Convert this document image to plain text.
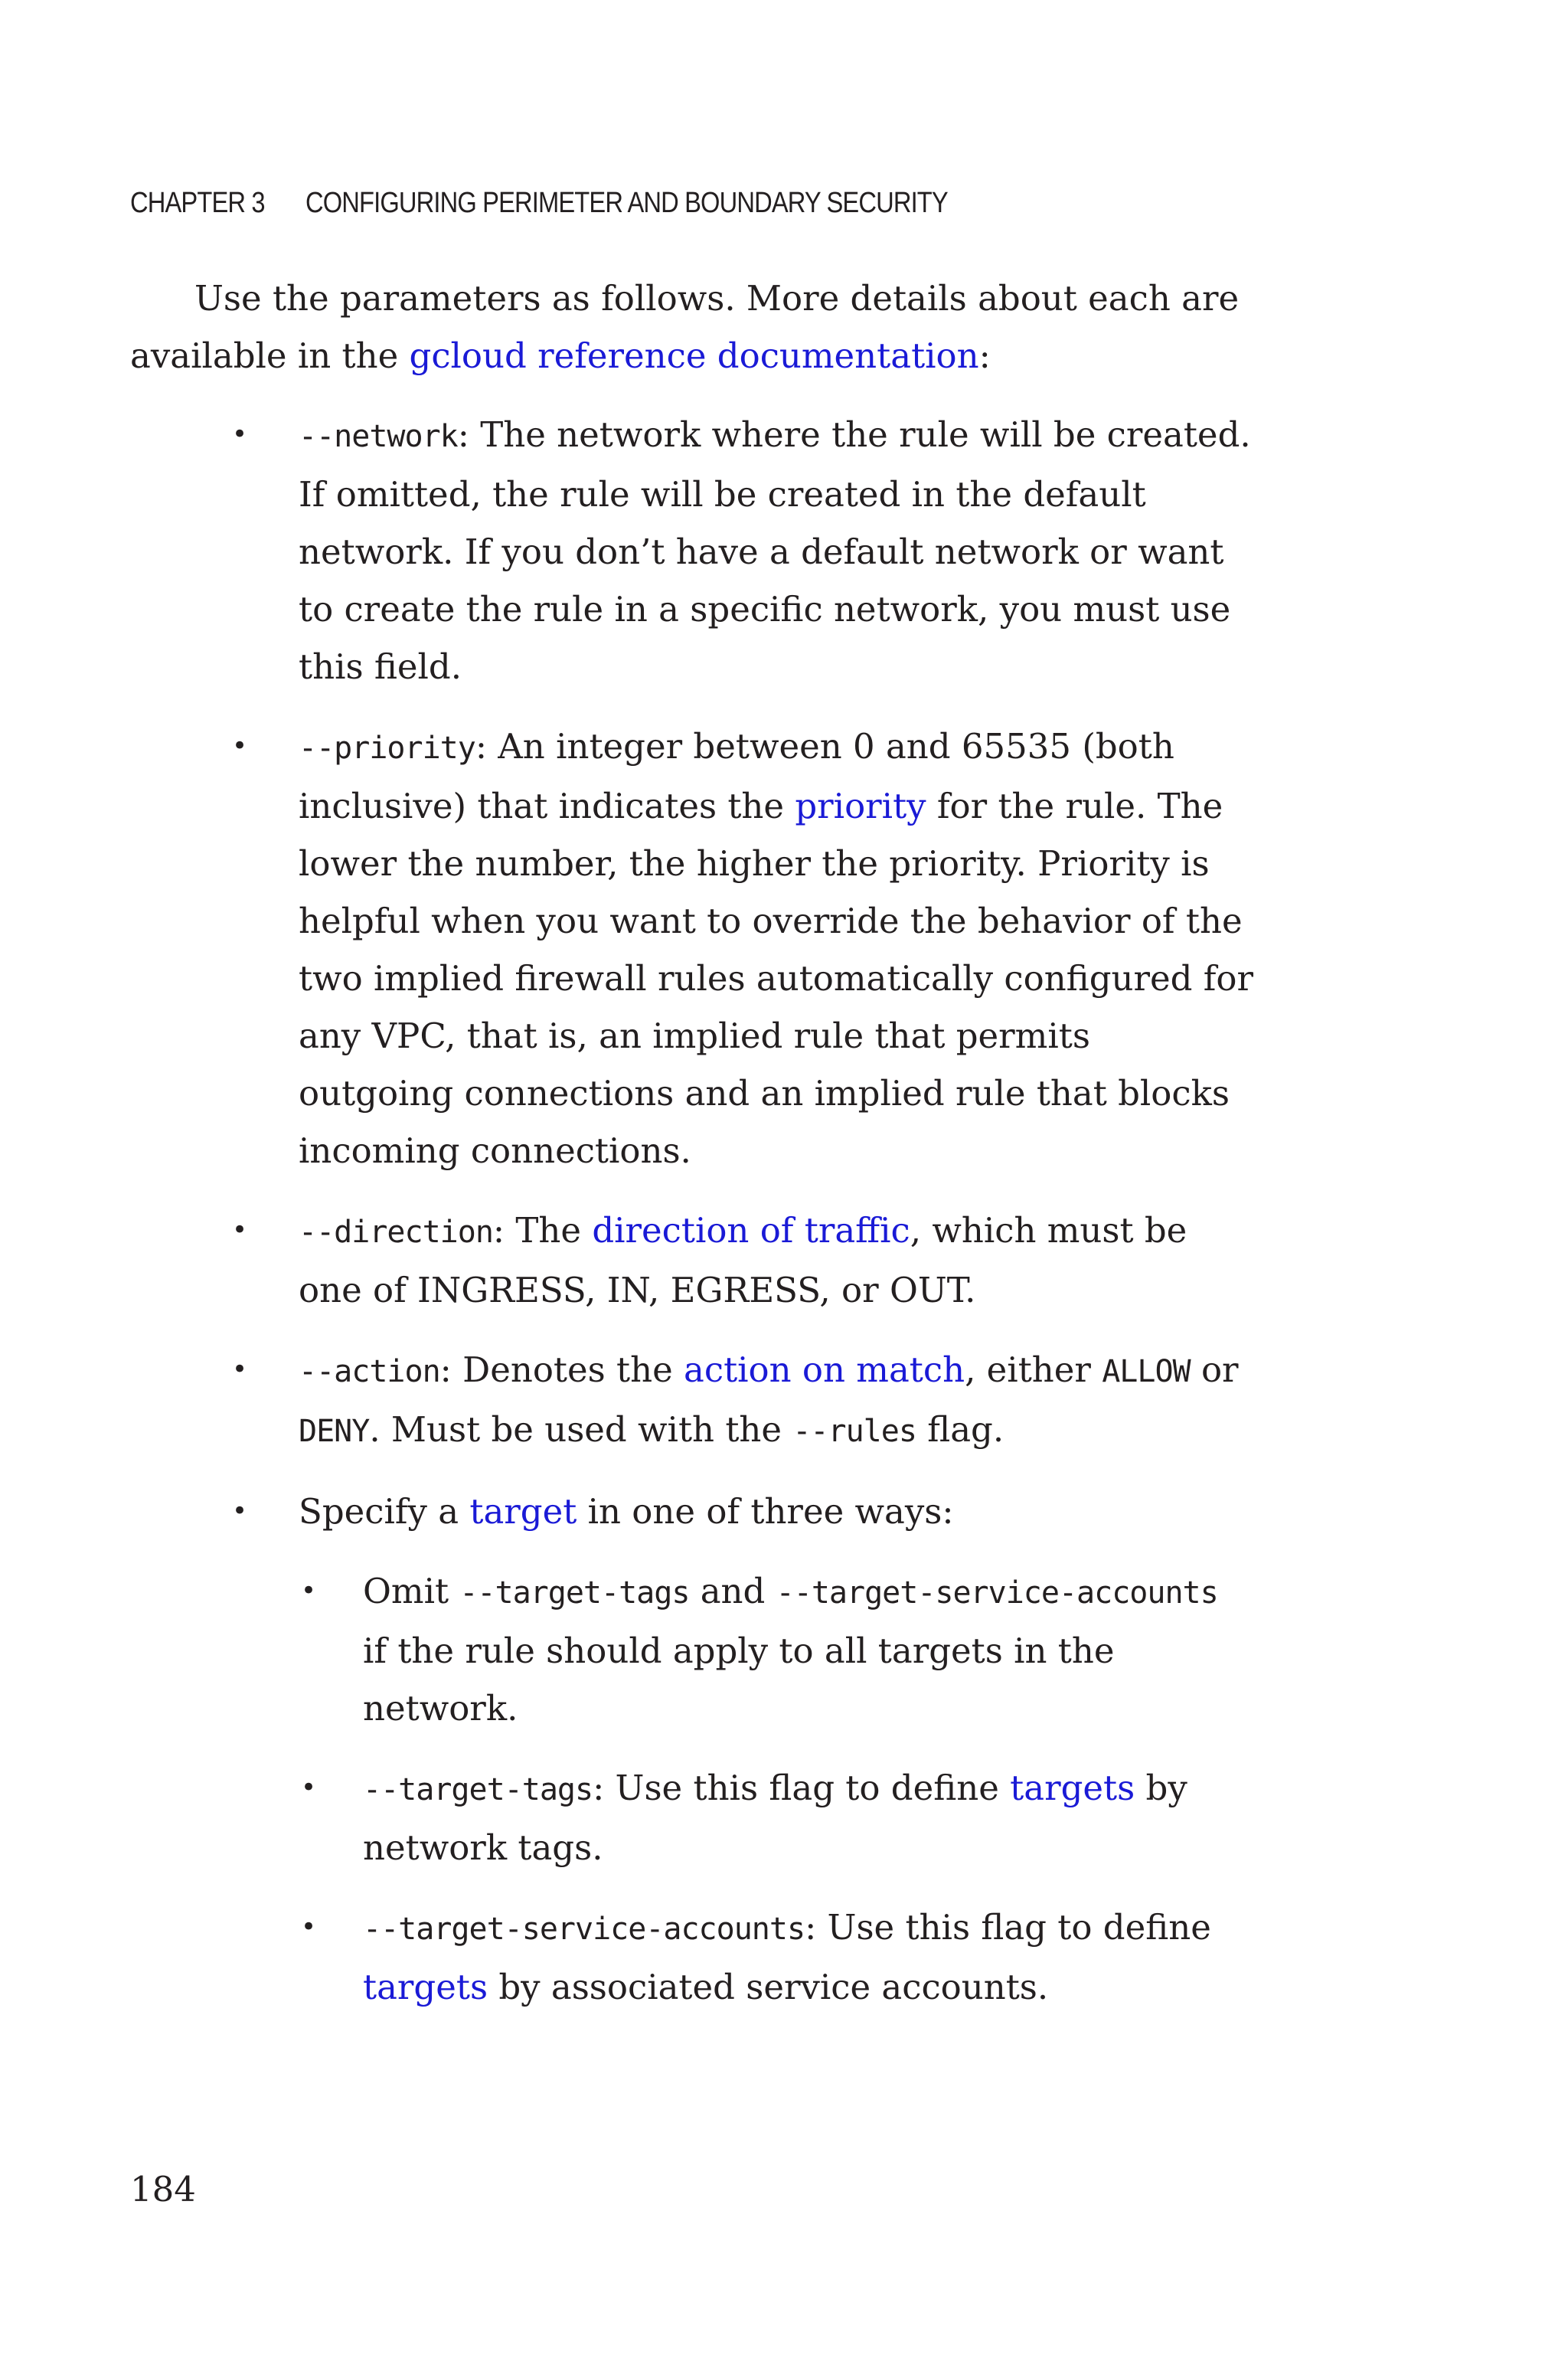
CHAPTER 3 CONFIGURING PERIMETER AND BOUNDARY SECURITY

Use the parameters as follows. More details about each are available in the gcloud reference documentation:

• --network: The network where the rule will be created. If omitted, the rule will be created in the default network. If you don’t have a default network or want to create the rule in a specific network, you must use this field.
• --priority: An integer between 0 and 65535 (both inclusive) that indicates the priority for the rule. The lower the number, the higher the priority. Priority is helpful when you want to override the behavior of the two implied firewall rules automatically configured for any VPC, that is, an implied rule that permits outgoing connections and an implied rule that blocks incoming connections.
• --direction: The direction of traffic, which must be one of INGRESS, IN, EGRESS, or OUT.
• --action: Denotes the action on match, either ALLOW or DENY. Must be used with the --rules flag.
• Specify a target in one of three ways:
• Omit --target-tags and --target-service-accounts if the rule should apply to all targets in the network.
• --target-tags: Use this flag to define targets by network tags.
• --target-service-accounts: Use this flag to define targets by associated service accounts.
184
